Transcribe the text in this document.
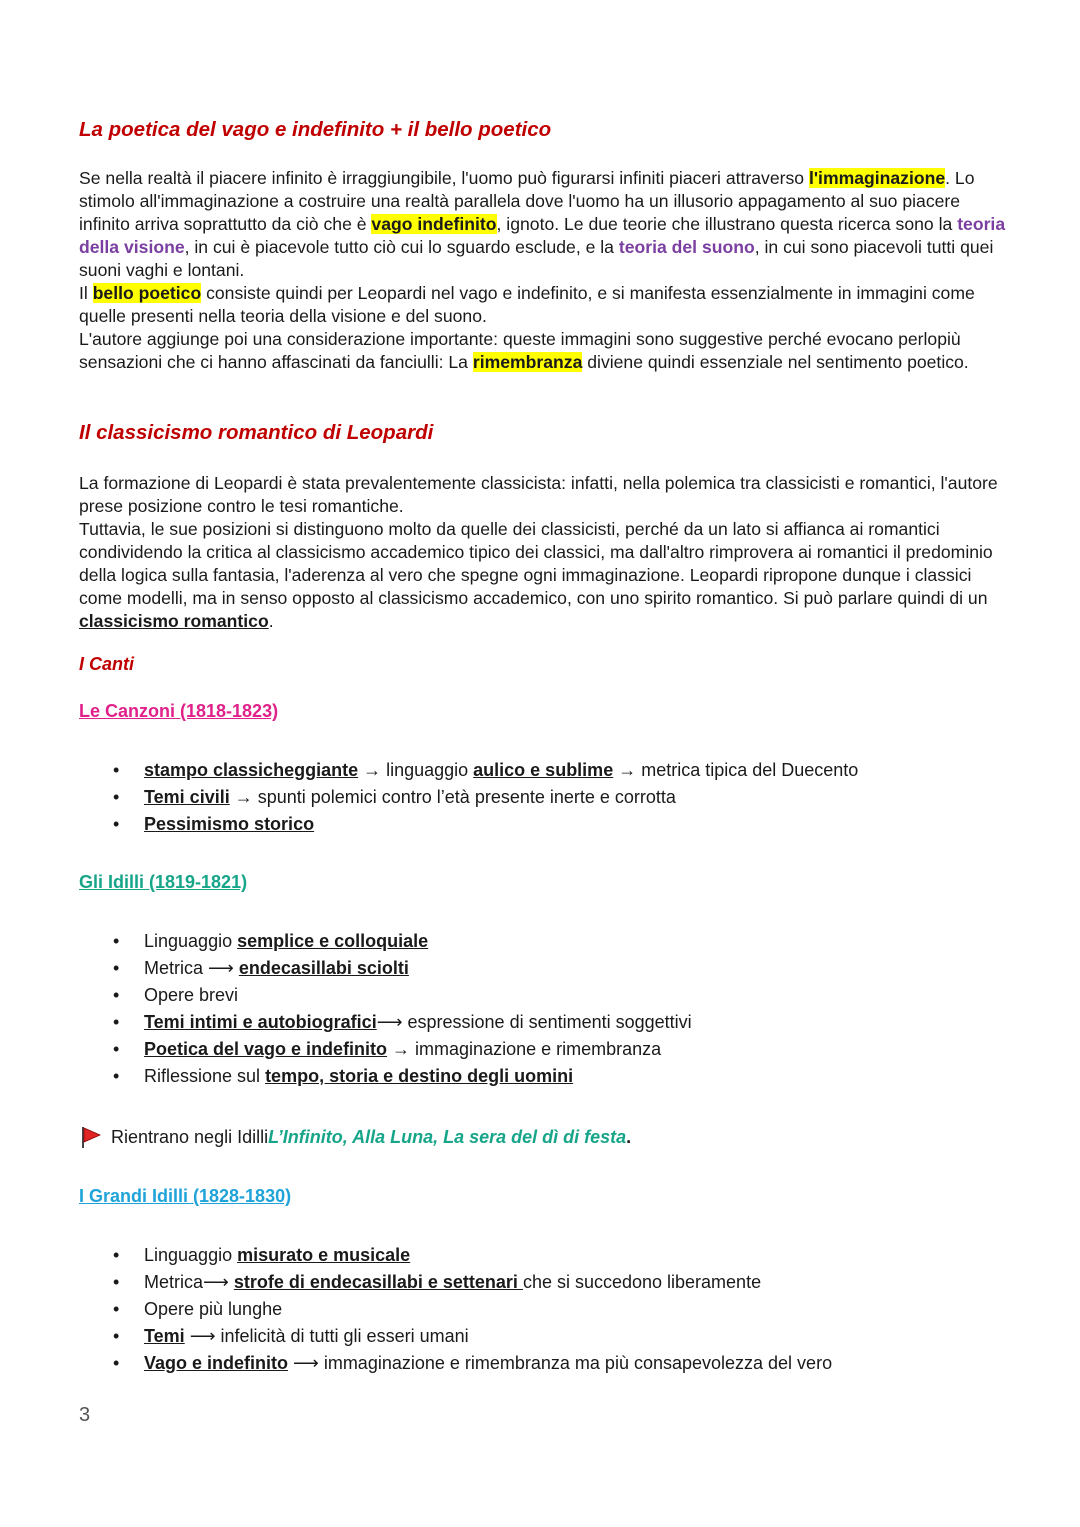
La poetica del vago e indefinito + il bello poetico

Se nella realtà il piacere infinito è irraggiungibile, l'uomo può figurarsi infiniti piaceri attraverso l'immaginazione. Lo stimolo all'immaginazione a costruire una realtà parallela dove l'uomo ha un illusorio appagamento al suo piacere infinito arriva soprattutto da ciò che è vago indefinito, ignoto. Le due teorie che illustrano questa ricerca sono la teoria della visione, in cui è piacevole tutto ciò cui lo sguardo esclude, e la teoria del suono, in cui sono piacevoli tutti quei suoni vaghi e lontani.
Il bello poetico consiste quindi per Leopardi nel vago e indefinito, e si manifesta essenzialmente in immagini come quelle presenti nella teoria della visione e del suono.
L'autore aggiunge poi una considerazione importante: queste immagini sono suggestive perché evocano perlopiù sensazioni che ci hanno affascinati da fanciulli: La rimembranza diviene quindi essenziale nel sentimento poetico.

Il classicismo romantico di Leopardi

La formazione di Leopardi è stata prevalentemente classicista: infatti, nella polemica tra classicisti e romantici, l'autore prese posizione contro le tesi romantiche.
Tuttavia, le sue posizioni si distinguono molto da quelle dei classicisti, perché da un lato si affianca ai romantici condividendo la critica al classicismo accademico tipico dei classici, ma dall'altro rimprovera ai romantici il predominio della logica sulla fantasia, l'aderenza al vero che spegne ogni immaginazione. Leopardi ripropone dunque i classici come modelli, ma in senso opposto al classicismo accademico, con uno spirito romantico. Si può parlare quindi di un classicismo romantico.

I Canti

Le Canzoni (1818-1823)

• stampo classicheggiante → linguaggio aulico e sublime → metrica tipica del Duecento
• Temi civili → spunti polemici contro l’età presente inerte e corrotta
• Pessimismo storico

Gli Idilli (1819-1821)

• Linguaggio semplice e colloquiale
• Metrica ⟶ endecasillabi sciolti
• Opere brevi
• Temi intimi e autobiografici⟶ espressione di sentimenti soggettivi
• Poetica del vago e indefinito → immaginazione e rimembranza
• Riflessione sul tempo, storia e destino degli uomini

Rientrano negli Idilli L’Infinito, Alla Luna, La sera del dì di festa .

I Grandi Idilli (1828-1830)

• Linguaggio misurato e musicale
• Metrica⟶ strofe di endecasillabi e settenari che si succedono liberamente
• Opere più lunghe
• Temi ⟶ infelicità di tutti gli esseri umani
• Vago e indefinito ⟶ immaginazione e rimembranza ma più consapevolezza del vero
3
